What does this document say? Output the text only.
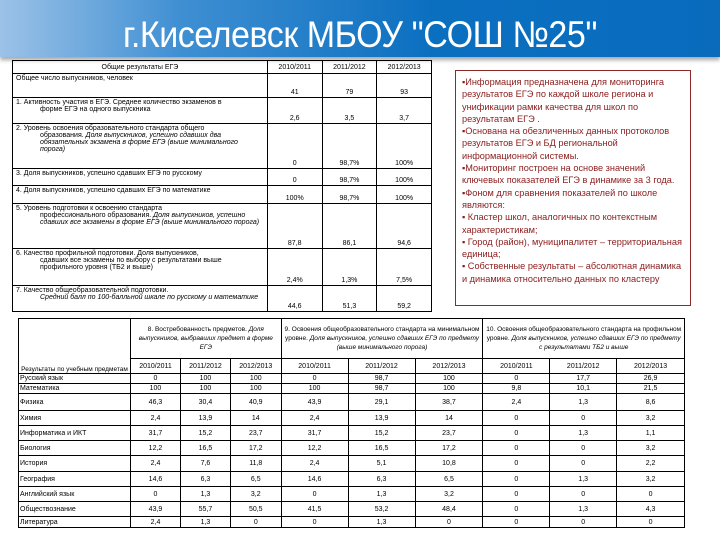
г.Киселевск МБОУ "СОШ №25"
Общие результаты ЕГЭ	2010/2011	2011/2012	2012/2013
Общее число выпускников, человек	41	79	93
1. Активность участия в ЕГЭ. Среднее количество экзаменов в
форме ЕГЭ на одного выпускника	2,6	3,5	3,7
2. Уровень освоения образовательного стандарта общего
образования. Доля выпускников, успешно сдавших два обязательных экзамена в форме ЕГЭ (выше минимального порога)	0	98,7%	100%
3. Доля выпускников, успешно сдавших ЕГЭ по русскому	0	98,7%	100%
4. Доля выпускников, успешно сдавших ЕГЭ по математике	100%	98,7%	100%
5. Уровень подготовки к освоению стандарта
профессионального образования. Доля выпускников, успешно сдавших все экзамены в форме ЕГЭ (выше минимального порога)	87,8	86,1	94,6
6. Качество профильной подготовки. Доля выпускников,
сдавших все экзамены по выбору с результатами выше профильного уровня (ТБ2 и выше)	2,4%	1,3%	7,5%
7. Качество общеобразовательной подготовки.
Средний балл по 100-балльной шкале по русскому и математике	44,6	51,3	59,2
▪Информация предназначена для мониторинга результатов ЕГЭ по каждой школе региона и унификации рамки качества для школ по результатам ЕГЭ .
▪Основана на обезличенных данных протоколов результатов ЕГЭ и БД региональной информационной системы.
▪Мониторинг построен на основе значений ключевых показателей ЕГЭ в динамике за 3 года.
▪Фоном для сравнения показателей по школе являются:
▪ Кластер школ, аналогичных по контекстным характеристикам;
▪ Город (район), муниципалитет – территориальная единица;
▪ Собственные результаты – абсолютная динамика и динамика относительно данных по кластеру
Результаты по учебным предметам	8. Востребованность предметов. Доля выпускников, выбравших предмет в форме ЕГЭ			9. Освоения общеобразовательного стандарта на минимальном уровне. Доля выпускников, успешно сдавших ЕГЭ по предмету (выше минимального порога)			10. Освоения общеобразовательного стандарта на профильном уровне. Доля выпускников, успешно сдавших ЕГЭ по предмету с результатами ТБ2 и выше		
	2010/2011	2011/2012	2012/2013	2010/2011	2011/2012	2012/2013	2010/2011	2011/2012	2012/2013
Русский язык	0	100	100	0	98,7	100	0	17,7	26,9
Математика	100	100	100	100	98,7	100	9,8	10,1	21,5
Физика	46,3	30,4	40,9	43,9	29,1	38,7	2,4	1,3	8,6
Химия	2,4	13,9	14	2,4	13,9	14	0	0	3,2
Информатика и ИКТ	31,7	15,2	23,7	31,7	15,2	23,7	0	1,3	1,1
Биология	12,2	16,5	17,2	12,2	16,5	17,2	0	0	3,2
История	2,4	7,6	11,8	2,4	5,1	10,8	0	0	2,2
География	14,6	6,3	6,5	14,6	6,3	6,5	0	1,3	3,2
Английский язык	0	1,3	3,2	0	1,3	3,2	0	0	0
Обществознание	43,9	55,7	50,5	41,5	53,2	48,4	0	1,3	4,3
Литература	2,4	1,3	0	0	1,3	0	0	0	0
